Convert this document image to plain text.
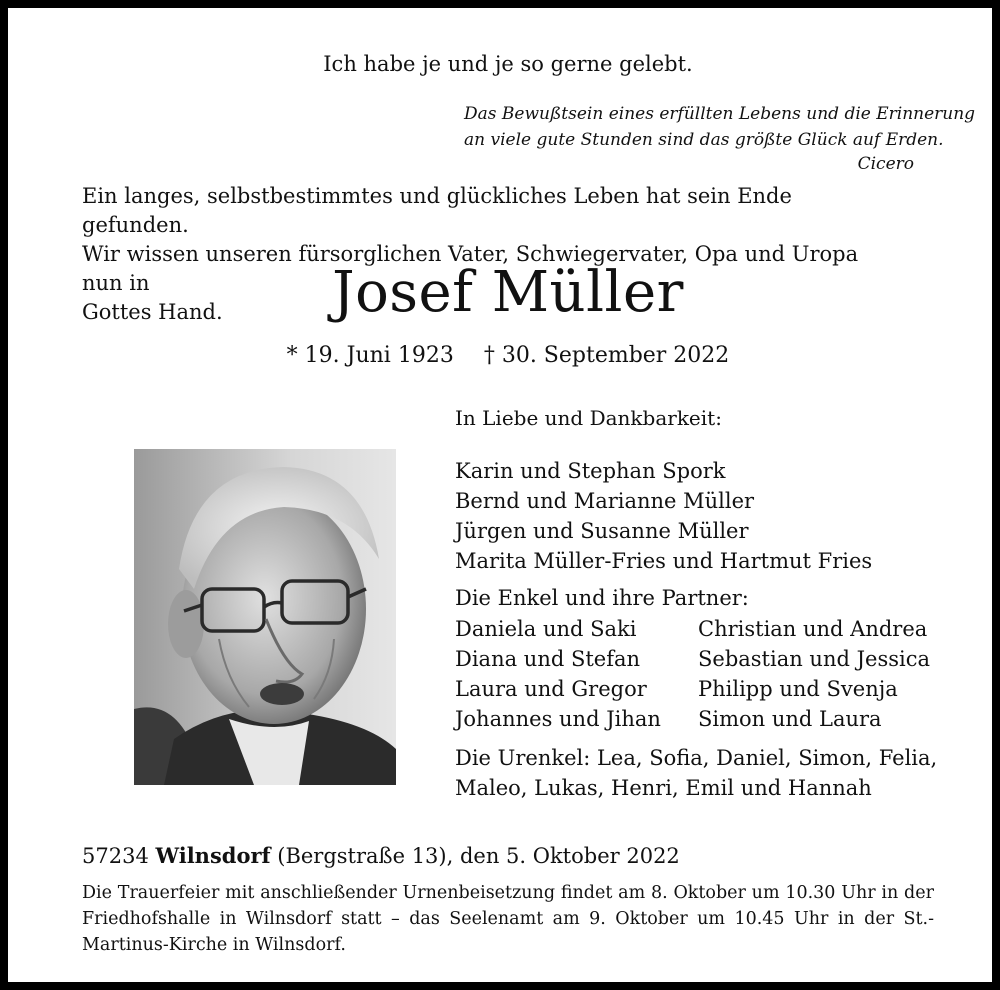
Ich habe je und je so gerne gelebt.
Das Bewußtsein eines erfüllten Lebens und die Erinnerung
an viele gute Stunden sind das größte Glück auf Erden.
Cicero
Ein langes, selbstbestimmtes und glückliches Leben hat sein Ende gefunden.
Wir wissen unseren fürsorglichen Vater, Schwiegervater, Opa und Uropa nun in
Gottes Hand.	Josef Müller
* 19. Juni 1923 † 30. September 2022
In Liebe und Dankbarkeit:
Karin und Stephan Spork
Bernd und Marianne Müller
Jürgen und Susanne Müller
Marita Müller-Fries und Hartmut Fries
Die Enkel und ihre Partner:
Daniela und Saki
Diana und Stefan
Laura und Gregor
Johannes und Jihan
Christian und Andrea
Sebastian und Jessica
Philipp und Svenja
Simon und Laura
Die Urenkel: Lea, Sofia, Daniel, Simon, Felia,
Maleo, Lukas, Henri, Emil und Hannah
57234 Wilnsdorf (Bergstraße 13), den 5. Oktober 2022
Die Trauerfeier mit anschließender Urnenbeisetzung findet am 8. Oktober um 10.30 Uhr in der Friedhofshalle in Wilnsdorf statt – das Seelenamt am 9. Oktober um 10.45 Uhr in der St.-Martinus-Kirche in Wilnsdorf.
